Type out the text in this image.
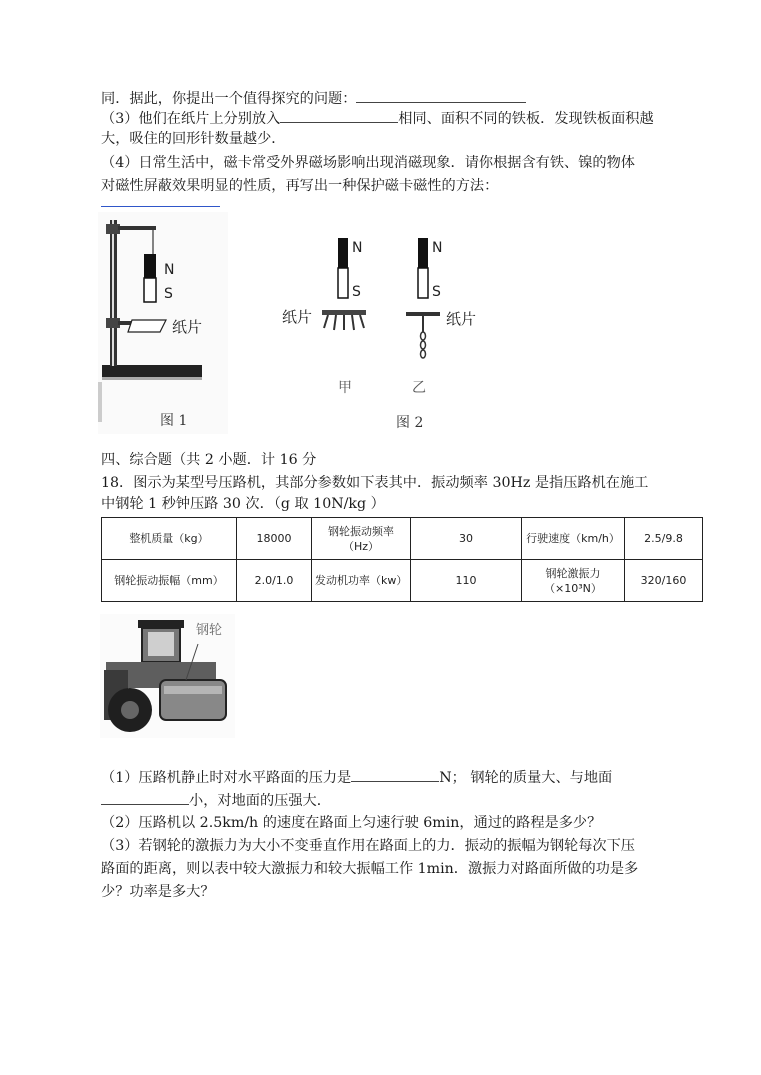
同．据此，你提出一个值得探究的问题：
（3）他们在纸片上分别放入	相同、面积不同的铁板．发现铁板面积越
大，吸住的回形针数量越少．
（4）日常生活中，磁卡常受外界磁场影响出现消磁现象．请你根据含有铁、镍的物体
对磁性屏蔽效果明显的性质，再写出一种保护磁卡磁性的方法：
N
S
纸片
图 1
N
S
纸片
甲
N
S
纸片
乙
图 2
四、综合题（共 2 小题．计 16 分
18．图示为某型号压路机，其部分参数如下表其中．振动频率 30Hz 是指压路机在施工
中钢轮 1 秒钟压路 30 次．（g 取 10N/kg ）
整机质量（kg）	18000	钢轮振动频率（Hz）	30	行驶速度（km/h）	2.5/9.8
钢轮振动振幅（mm）	2.0/1.0	发动机功率（kw）	110	钢轮激振力（×10³N）	320/160
钢轮
（1）压路机静止时对水平路面的压力是	N； 钢轮的质量大、与地面
小，对地面的压强大．
（2）压路机以 2.5km/h 的速度在路面上匀速行驶 6min，通过的路程是多少？
（3）若钢轮的激振力为大小不变垂直作用在路面上的力．振动的振幅为钢轮每次下压
路面的距离，则以表中较大激振力和较大振幅工作 1min．激振力对路面所做的功是多
少？功率是多大？
